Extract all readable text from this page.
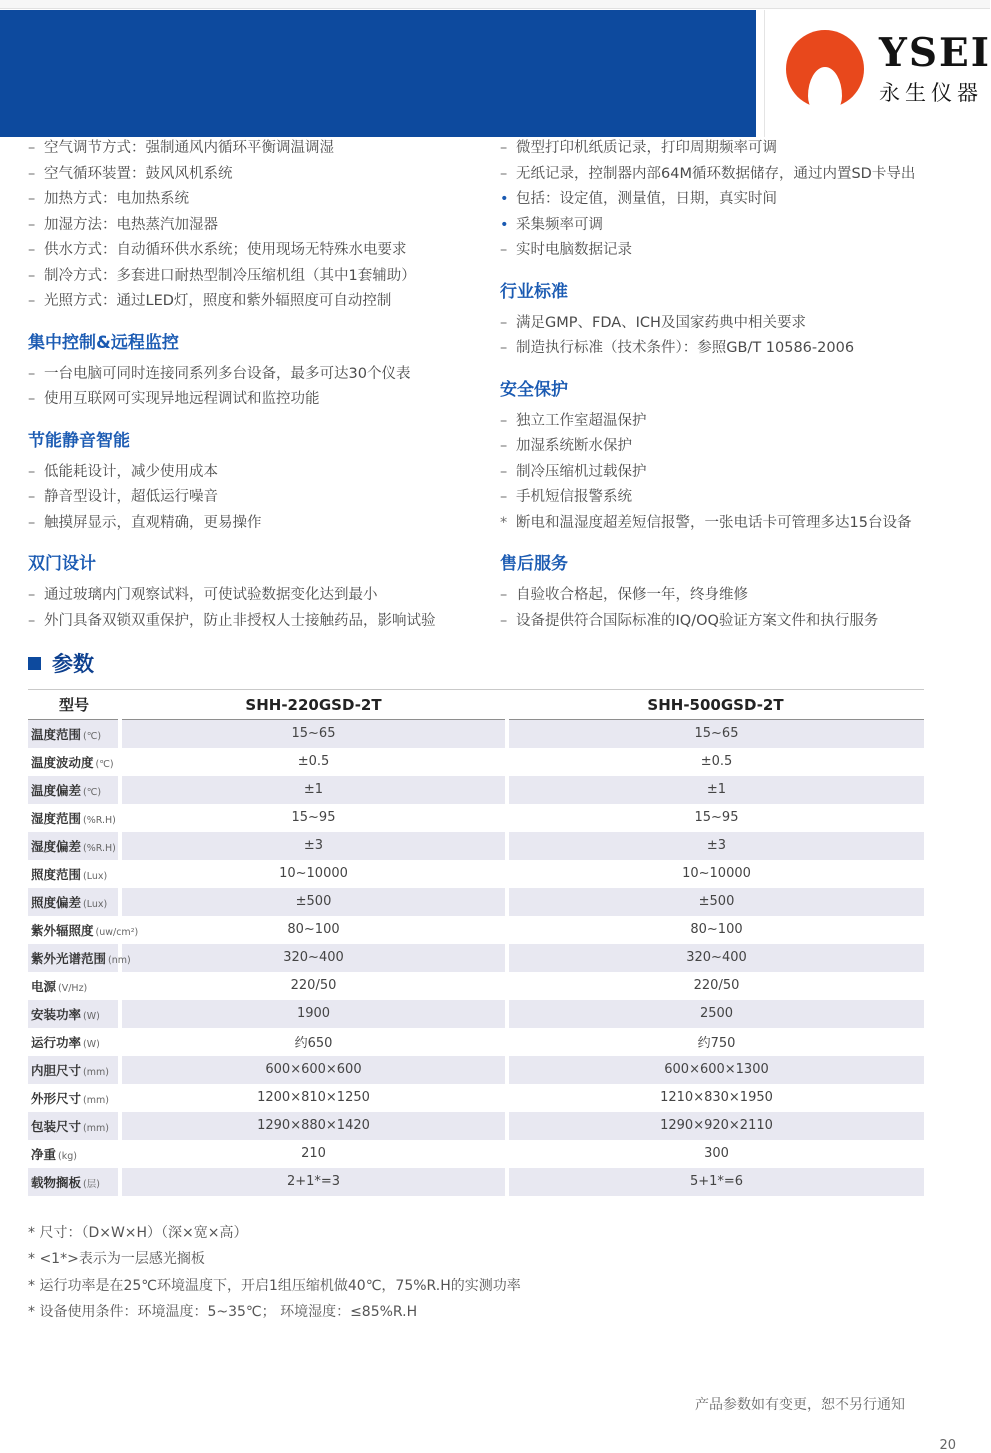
YSEI
永生仪器
– 空气调节方式：强制通风内循环平衡调温调湿
– 空气循环装置：鼓风风机系统
– 加热方式：电加热系统
– 加湿方法：电热蒸汽加湿器
– 供水方式：自动循环供水系统；使用现场无特殊水电要求
– 制冷方式：多套进口耐热型制冷压缩机组（其中1套辅助）
– 光照方式：通过LED灯，照度和紫外辐照度可自动控制
集中控制&远程监控
– 一台电脑可同时连接同系列多台设备，最多可达30个仪表
– 使用互联网可实现异地远程调试和监控功能
节能静音智能
– 低能耗设计，减少使用成本
– 静音型设计，超低运行噪音
– 触摸屏显示，直观精确，更易操作
双门设计
– 通过玻璃内门观察试料，可使试验数据变化达到最小
– 外门具备双锁双重保护，防止非授权人士接触药品，影响试验
– 微型打印机纸质记录，打印周期频率可调
– 无纸记录，控制器内部64M循环数据储存，通过内置SD卡导出
• 包括：设定值，测量值，日期，真实时间
• 采集频率可调
– 实时电脑数据记录
行业标准
– 满足GMP、FDA、ICH及国家药典中相关要求
– 制造执行标准（技术条件）：参照GB/T 10586-2006
安全保护
– 独立工作室超温保护
– 加湿系统断水保护
– 制冷压缩机过载保护
– 手机短信报警系统
* 断电和温湿度超差短信报警，一张电话卡可管理多达15台设备
售后服务
– 自验收合格起，保修一年，终身维修
– 设备提供符合国际标准的IQ/OQ验证方案文件和执行服务
参数
型号	SHH-220GSD-2T	SHH-500GSD-2T
温度范围 (℃)	15~65	15~65
温度波动度 (℃)	±0.5	±0.5
温度偏差 (℃)	±1	±1
湿度范围 (%R.H)	15~95	15~95
湿度偏差 (%R.H)	±3	±3
照度范围 (Lux)	10~10000	10~10000
照度偏差 (Lux)	±500	±500
紫外辐照度 (uw/cm²)	80~100	80~100
紫外光谱范围 (nm)	320~400	320~400
电源 (V/Hz)	220/50	220/50
安装功率 (W)	1900	2500
运行功率 (W)	约650	约750
内胆尺寸 (mm)	600×600×600	600×600×1300
外形尺寸 (mm)	1200×810×1250	1210×830×1950
包装尺寸 (mm)	1290×880×1420	1290×920×2110
净重 (kg)	210	300
载物搁板 (层)	2+1*=3	5+1*=6
* 尺寸：（D×W×H）（深×宽×高）
* <1*>表示为一层感光搁板
* 运行功率是在25℃环境温度下，开启1组压缩机做40℃，75%R.H的实测功率
* 设备使用条件：环境温度：5~35℃； 环境湿度：≤85%R.H
产品参数如有变更，恕不另行通知
20
